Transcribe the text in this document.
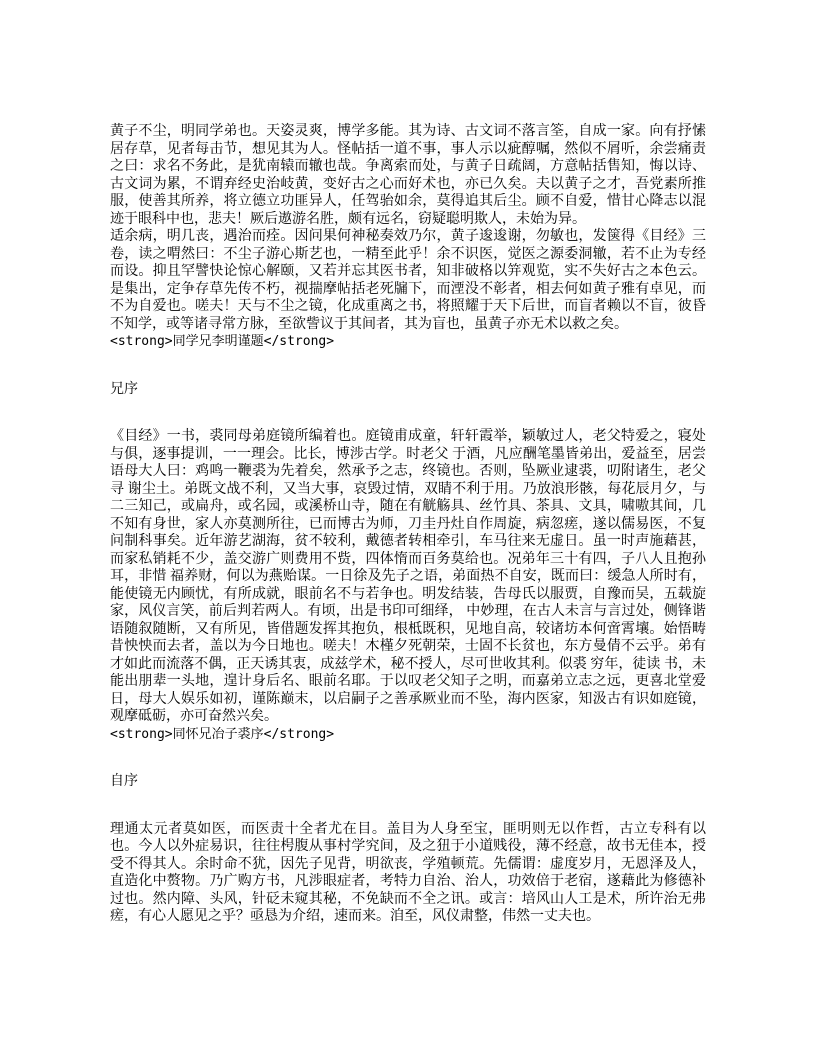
黄子不尘，明同学弟也。天姿灵爽，博学多能。其为诗、古文词不落言筌，自成一家。向有抒愫居存草，见者每击节，想见其为人。怪帖括一道不事，事人示以疵醇嘱，然似不屑听，余尝痛责之曰：求名不务此，是犹南辕而辙也哉。争离索而处，与黄子日疏阔，方意帖括售知，悔以诗、古文词为累，不谓弃经史治岐黄，变好古之心而好术也，亦已久矣。夫以黄子之才，吾党素所推服，使善其所养，将立德立功匪异人，任驾骀如余，莫得追其后尘。顾不自爱，惜甘心降志以混迹于眼科中也，悲夫！厥后遨游名胜，颇有远名，窃疑聪明欺人，未始为异。

适余病，明几丧，遇治而痊。因问果何神秘奏效乃尔，黄子逡逡谢，勿敏也，发箧得《目经》三卷，读之喟然曰：不尘子游心斯艺也，一精至此乎！余不识医，觉医之源委洞辙，若不止为专经而设。抑且罕譬快论惊心解颐，又若并忘其医书者，知非破格以笄观览，实不失好古之本色云。是集出，定争存草先传不朽，视揣摩帖括老死牖下，而湮没不彰者，相去何如黄子雅有卓见，而不为自爱也。嗟夫！天与不尘之镜，化成重离之书，将照耀于天下后世，而盲者赖以不盲，彼昏不知学，或等诸寻常方脉，至欲訾议于其间者，其为盲也，虽黄子亦无术以救之矣。

<strong>同学兄李明谨题</strong>

兄序

《目经》一书，裘同母弟庭镜所编着也。庭镜甫成童，轩轩霞举，颖敏过人，老父特爱之，寝处与俱，逐事提训，一一理会。比长，博涉古学。时老父 于酒，凡应酬笔墨皆弟出，爱益至，居尝语母大人曰：鸡鸣一鞭裘为先着矣，然承予之志，终镜也。否则，坠厥业逮裘，叨附诸生，老父寻 谢尘土。弟既文战不利，又当大事，哀毁过情，双睛不利于用。乃放浪形骸，每花辰月夕，与二三知己，或扁舟，或名园，或溪桥山寺，随在有觥觞具、丝竹具、茶具、文具，啸嗷其间，几不知有身世，家人亦莫测所往，已而博古为师，刀圭丹灶自作周旋，病忽瘥，遂以儒易医，不复问制科事矣。近年游艺湖海，贫不较利，戴德者转相牵引，车马往来无虚日。虽一时声施藉甚，而家私销耗不少，盖交游广则费用不赀，四体惰而百务莫给也。况弟年三十有四，子八人且抱孙耳，非惜 福养财，何以为燕贻谋。一日徐及先子之语，弟面热不自安，既而曰：缓急人所时有，能使镜无内顾忧，有所成就，眼前名不与若争也。明发结装，告母氏以服贾，自豫而吴，五载旋家，风仪言笑，前后判若两人。有顷，出是书印可细绎， 中妙理，在古人未言与言过处，侧锋谐语随叙随断，又有所见，皆借题发挥其抱负，根柢既积，见地自高，较诸坊本何啻霄壤。始悟畴昔怏怏而去者，盖以为今日地也。嗟夫！木槿夕死朝荣，士固不长贫也，东方曼倩不云乎。弟有才如此而流落不偶，正天诱其衷，成兹学术，秘不授人，尽可世收其利。似裘 穷年，徒读 书，未能出朋辈一头地，遑计身后名、眼前名耶。于以叹老父知子之明，而嘉弟立志之远，更喜北堂爱日，母大人娱乐如初，谨陈巅末，以启嗣子之善承厥业而不坠，海内医家，知汲古有识如庭镜，观摩砥砺，亦可奋然兴矣。

<strong>同怀兄冶子裘序</strong>

自序

理通太元者莫如医，而医责十全者尤在目。盖目为人身至宝，匪明则无以作哲，古立专科有以也。今人以外症易识，往往枵腹从事村学究间，及之狃于小道贱役，薄不经意，故书无佳本，授受不得其人。余时命不犹，因先子见背，明欲丧，学殖顿荒。先儒谓：虚度岁月，无恩泽及人，直造化中赘物。乃广购方书，凡涉眼症者，考特力自治、治人，功效倍于老宿，遂藉此为修德补过也。然内障、头风，针砭未窥其秘，不免缺而不全之讯。或言：培风山人工是术，所许治无弗瘥，有心人愿见之乎？亟恳为介绍，速而来。洎至，风仪肃整，伟然一丈夫也。
